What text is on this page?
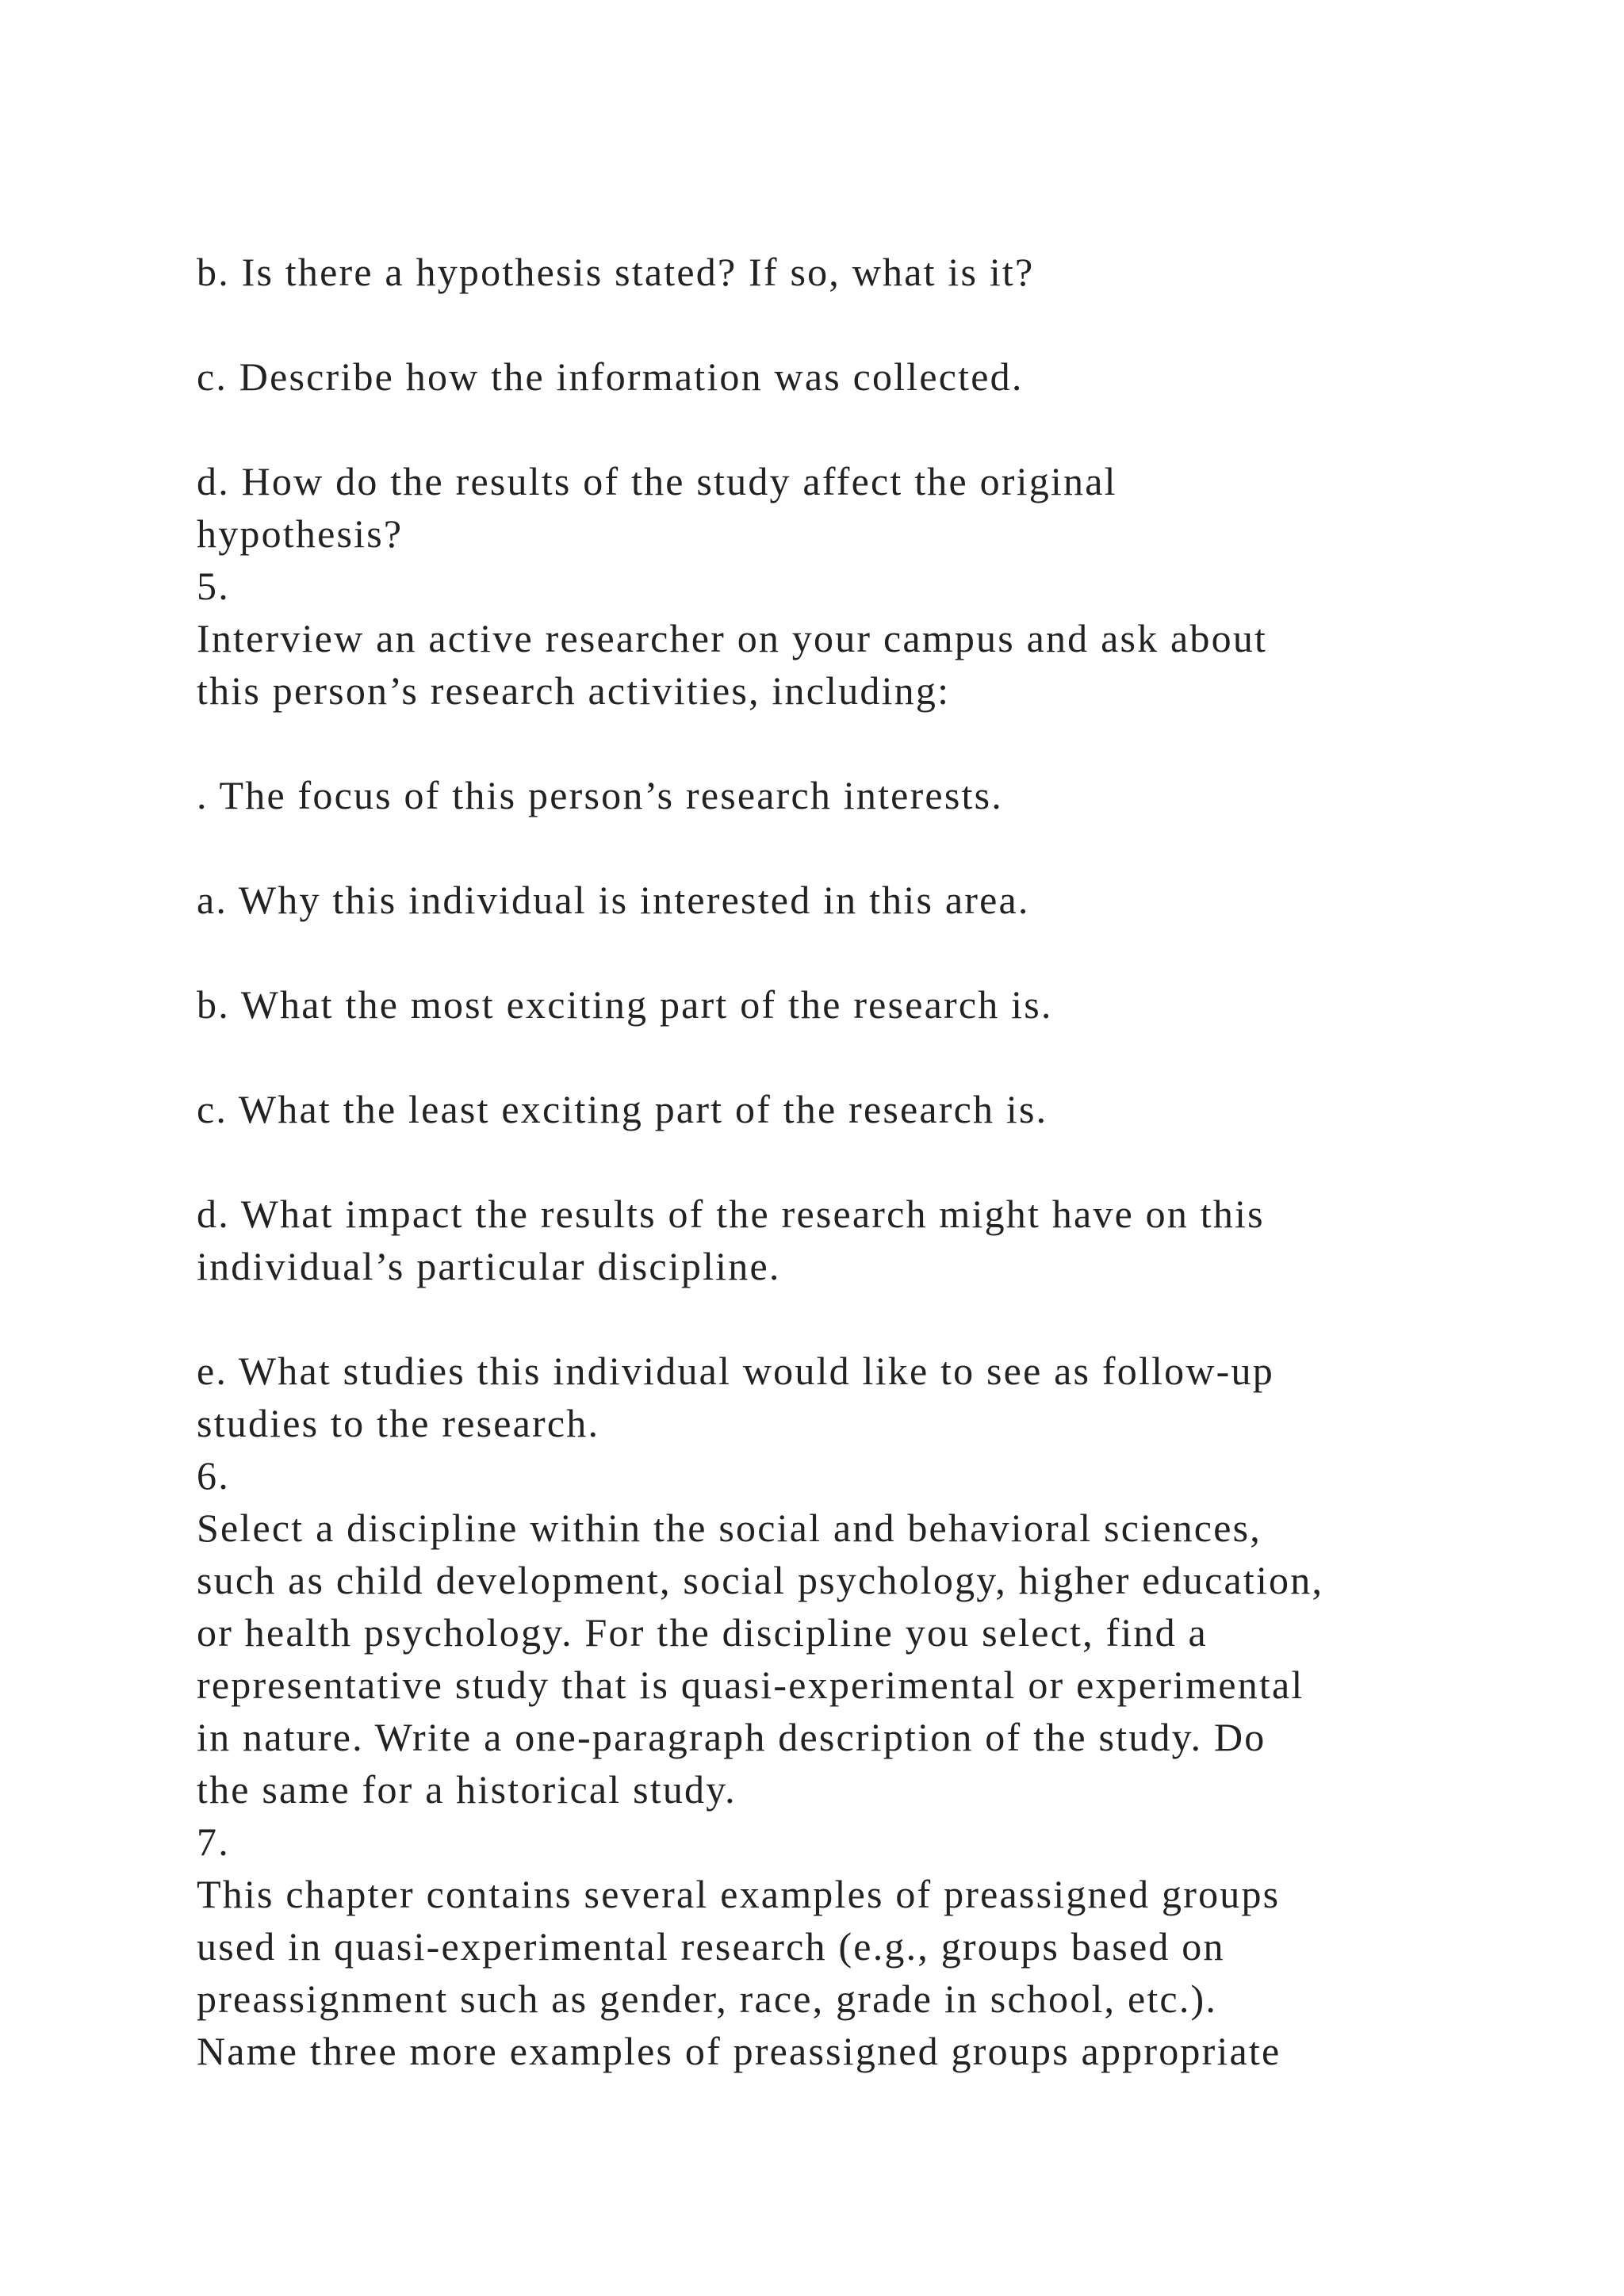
b. Is there a hypothesis stated? If so, what is it?
c. Describe how the information was collected.
d. How do the results of the study affect the original
hypothesis?
5.
Interview an active researcher on your campus and ask about
this person’s research activities, including:
. The focus of this person’s research interests.
a. Why this individual is interested in this area.
b. What the most exciting part of the research is.
c. What the least exciting part of the research is.
d. What impact the results of the research might have on this
individual’s particular discipline.
e. What studies this individual would like to see as follow-up
studies to the research.
6.
Select a discipline within the social and behavioral sciences,
such as child development, social psychology, higher education,
or health psychology. For the discipline you select, find a
representative study that is quasi-experimental or experimental
in nature. Write a one-paragraph description of the study. Do
the same for a historical study.
7.
This chapter contains several examples of preassigned groups
used in quasi-experimental research (e.g., groups based on
preassignment such as gender, race, grade in school, etc.).
Name three more examples of preassigned groups appropriate
